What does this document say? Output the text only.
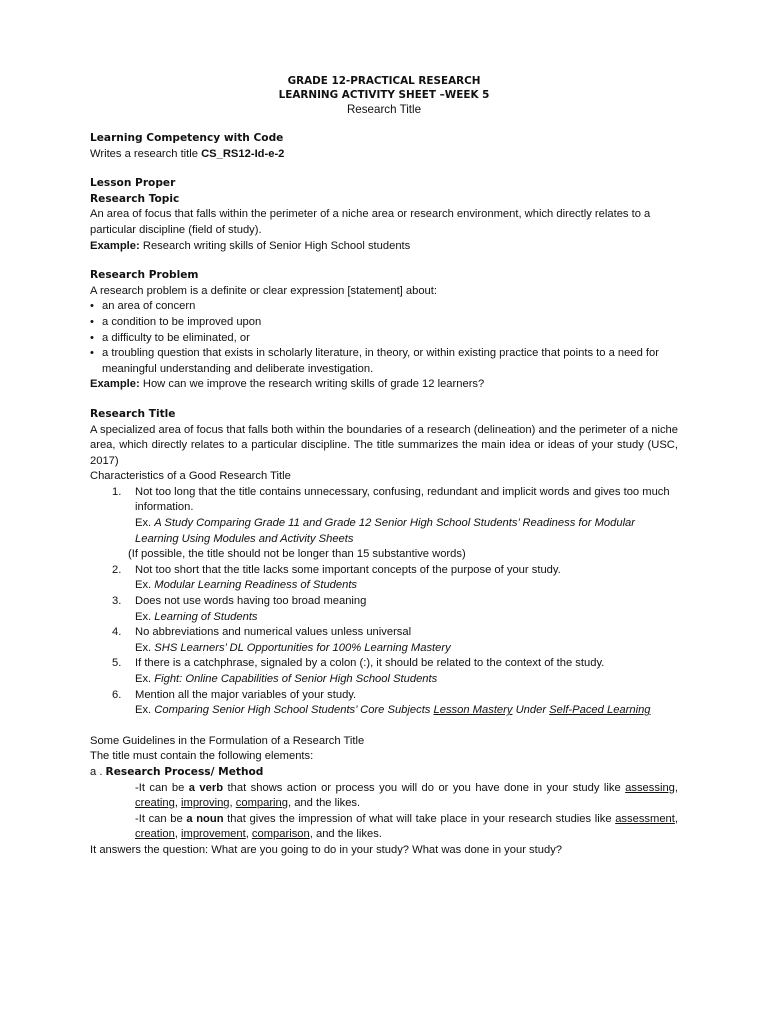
GRADE 12-PRACTICAL RESEARCH
LEARNING ACTIVITY SHEET –WEEK 5
Research Title
Learning Competency with Code
Writes a research title CS_RS12-Id-e-2
Lesson Proper
Research Topic
An area of focus that falls within the perimeter of a niche area or research environment, which directly relates to a particular discipline (field of study).
Example: Research writing skills of Senior High School students
Research Problem
A research problem is a definite or clear expression [statement] about:
• an area of concern
• a condition to be improved upon
• a difficulty to be eliminated, or
• a troubling question that exists in scholarly literature, in theory, or within existing practice that points to a need for meaningful understanding and deliberate investigation.
Example: How can we improve the research writing skills of grade 12 learners?
Research Title
A specialized area of focus that falls both within the boundaries of a research (delineation) and the perimeter of a niche area, which directly relates to a particular discipline. The title summarizes the main idea or ideas of your study (USC, 2017)
Characteristics of a Good Research Title
1.	Not too long that the title contains unnecessary, confusing, redundant and implicit words and gives too much information.
Ex. A Study Comparing Grade 11 and Grade 12 Senior High School Students’ Readiness for Modular Learning Using Modules and Activity Sheets
(If possible, the title should not be longer than 15 substantive words)
2.	Not too short that the title lacks some important concepts of the purpose of your study.
Ex. Modular Learning Readiness of Students
3.	Does not use words having too broad meaning
Ex. Learning of Students
4.	No abbreviations and numerical values unless universal
Ex. SHS Learners’ DL Opportunities for 100% Learning Mastery
5.	If there is a catchphrase, signaled by a colon (:), it should be related to the context of the study.
Ex. Fight: Online Capabilities of Senior High School Students
6.	Mention all the major variables of your study.
Ex. Comparing Senior High School Students’ Core Subjects Lesson Mastery Under Self-Paced Learning
Some Guidelines in the Formulation of a Research Title
The title must contain the following elements:
a . Research Process/ Method
-It can be a verb that shows action or process you will do or you have done in your study like assessing, creating, improving, comparing, and the likes.
-It can be a noun that gives the impression of what will take place in your research studies like assessment, creation, improvement, comparison, and the likes.
It answers the question: What are you going to do in your study? What was done in your study?
